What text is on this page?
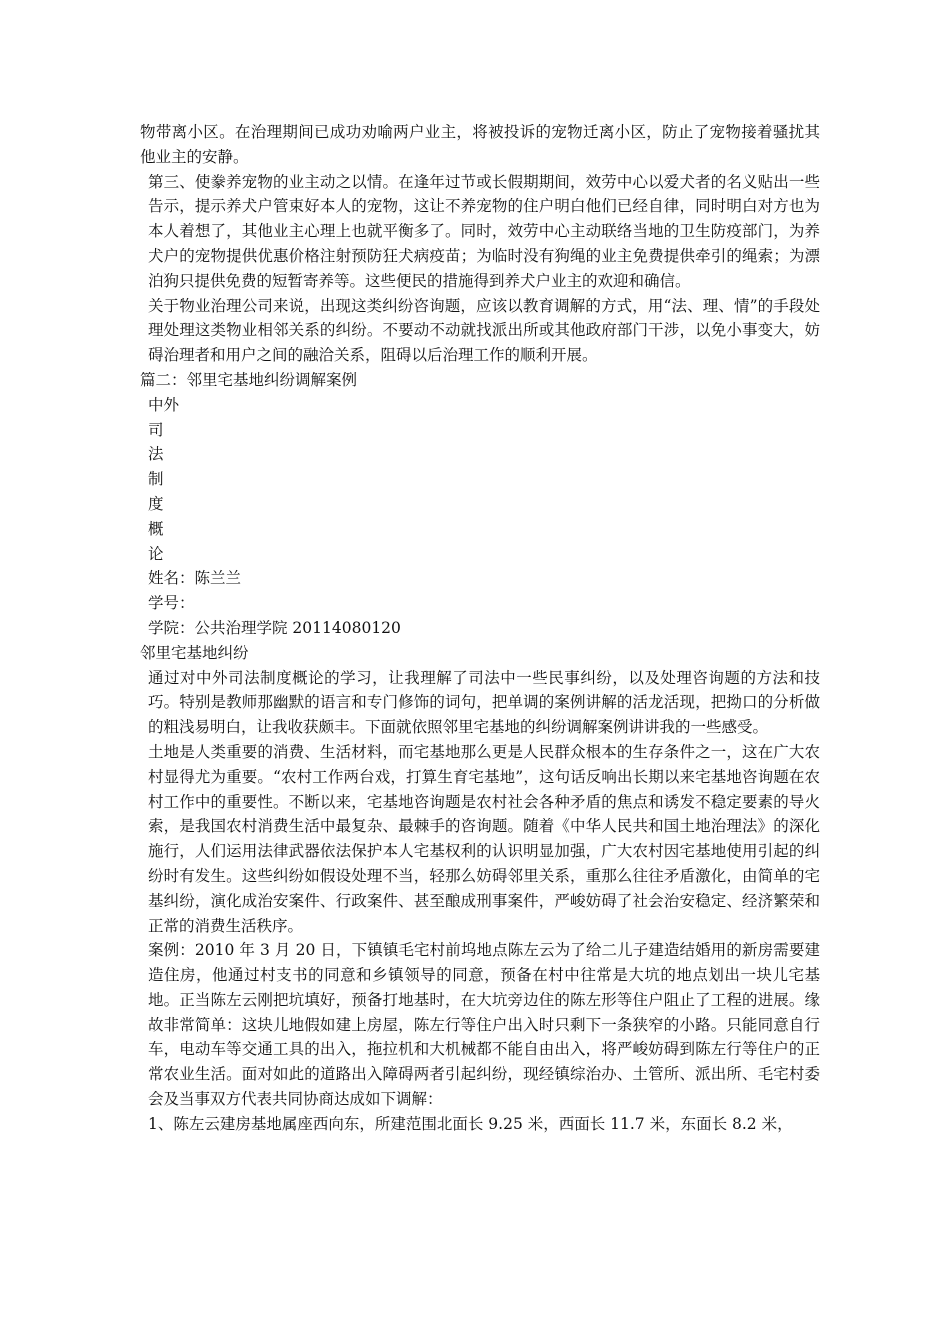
物带离小区。在治理期间已成功劝喻两户业主，将被投诉的宠物迁离小区，防止了宠物接着骚扰其他业主的安静。

第三、使豢养宠物的业主动之以情。在逢年过节或长假期期间，效劳中心以爱犬者的名义贴出一些告示，提示养犬户管束好本人的宠物，这让不养宠物的住户明白他们已经自律，同时明白对方也为本人着想了，其他业主心理上也就平衡多了。同时，效劳中心主动联络当地的卫生防疫部门，为养犬户的宠物提供优惠价格注射预防狂犬病疫苗；为临时没有狗绳的业主免费提供牵引的绳索；为漂泊狗只提供免费的短暂寄养等。这些便民的措施得到养犬户业主的欢迎和确信。

关于物业治理公司来说，出现这类纠纷咨询题，应该以教育调解的方式，用“法、理、情”的手段处理处理这类物业相邻关系的纠纷。不要动不动就找派出所或其他政府部门干涉，以免小事变大，妨碍治理者和用户之间的融洽关系，阻碍以后治理工作的顺利开展。

篇二：邻里宅基地纠纷调解案例

中外

司

法

制

度

概

论

姓名：陈兰兰

学号：

学院：公共治理学院 20114080120

邻里宅基地纠纷

通过对中外司法制度概论的学习，让我理解了司法中一些民事纠纷，以及处理咨询题的方法和技巧。特别是教师那幽默的语言和专门修饰的词句，把单调的案例讲解的活龙活现，把拗口的分析做的粗浅易明白，让我收获颇丰。下面就依照邻里宅基地的纠纷调解案例讲讲我的一些感受。

土地是人类重要的消费、生活材料，而宅基地那么更是人民群众根本的生存条件之一，这在广大农村显得尤为重要。“农村工作两台戏，打算生育宅基地”，这句话反响出长期以来宅基地咨询题在农村工作中的重要性。不断以来，宅基地咨询题是农村社会各种矛盾的焦点和诱发不稳定要素的导火索，是我国农村消费生活中最复杂、最棘手的咨询题。随着《中华人民共和国土地治理法》的深化施行，人们运用法律武器依法保护本人宅基权利的认识明显加强，广大农村因宅基地使用引起的纠纷时有发生。这些纠纷如假设处理不当，轻那么妨碍邻里关系，重那么往往矛盾激化，由简单的宅基纠纷，演化成治安案件、行政案件、甚至酿成刑事案件，严峻妨碍了社会治安稳定、经济繁荣和正常的消费生活秩序。

案例：2010 年 3 月 20 日，下镇镇毛宅村前坞地点陈左云为了给二儿子建造结婚用的新房需要建造住房，他通过村支书的同意和乡镇领导的同意，预备在村中往常是大坑的地点划出一块儿宅基地。正当陈左云刚把坑填好，预备打地基时，在大坑旁边住的陈左形等住户阻止了工程的进展。缘故非常简单：这块儿地假如建上房屋，陈左行等住户出入时只剩下一条狭窄的小路。只能同意自行车，电动车等交通工具的出入，拖拉机和大机械都不能自由出入，将严峻妨碍到陈左行等住户的正常农业生活。面对如此的道路出入障碍两者引起纠纷，现经镇综治办、土管所、派出所、毛宅村委会及当事双方代表共同协商达成如下调解：

1、陈左云建房基地属座西向东，所建范围北面长 9.25 米，西面长 11.7 米，东面长 8.2 米，
